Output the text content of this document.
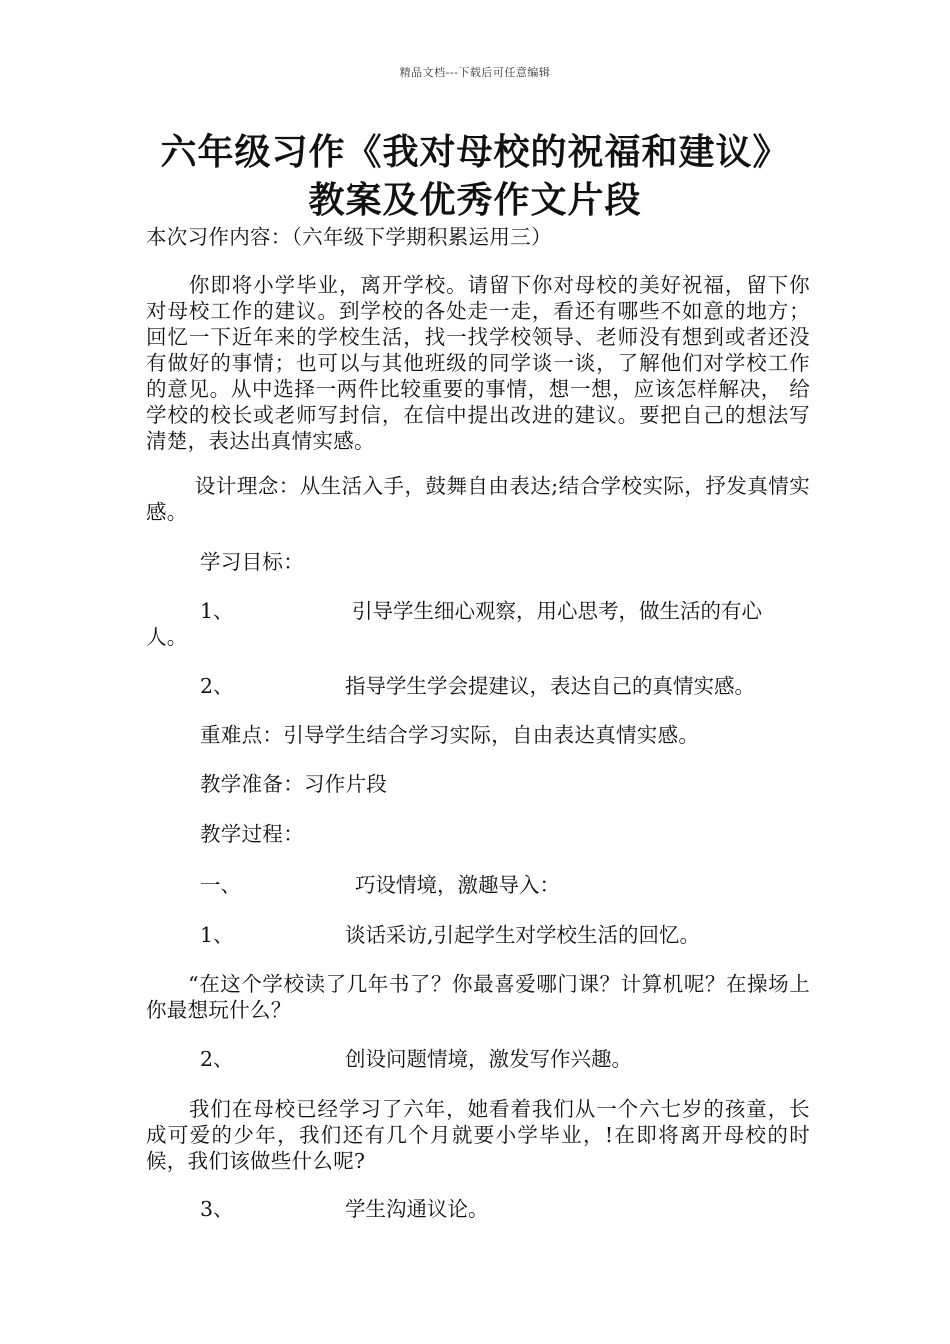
精品文档---下载后可任意编辑
六年级习作《我对母校的祝福和建议》
教案及优秀作文片段

本次习作内容：（六年级下学期积累运用三）

　　你即将小学毕业，离开学校。请留下你对母校的美好祝福，留下你对母校工作的建议。到学校的各处走一走，看还有哪些不如意的地方；回忆一下近年来的学校生活，找一找学校领导、老师没有想到或者还没有做好的事情；也可以与其他班级的同学谈一谈，了解他们对学校工作的意见。从中选择一两件比较重要的事情，想一想，应该怎样解决， 给学校的校长或老师写封信，在信中提出改进的建议。要把自己的想法写清楚，表达出真情实感。

　　 设计理念：从生活入手，鼓舞自由表达;结合学校实际，抒发真情实感。

学习目标：

1、	引导学生细心观察，用心思考，做生活的有心

人。

2、	指导学生学会提建议，表达自己的真情实感。

重难点：引导学生结合学习实际，自由表达真情实感。

教学准备：习作片段

教学过程：

一、	巧设情境，激趣导入：
1、	谈话采访,引起学生对学校生活的回忆。

　　“在这个学校读了几年书了？你最喜爱哪门课？计算机呢？在操场上你最想玩什么？

2、	创设问题情境，激发写作兴趣。

　　我们在母校已经学习了六年，她看着我们从一个六七岁的孩童，长成可爱的少年，我们还有几个月就要小学毕业，!在即将离开母校的时候，我们该做些什么呢?

3、	学生沟通议论。
